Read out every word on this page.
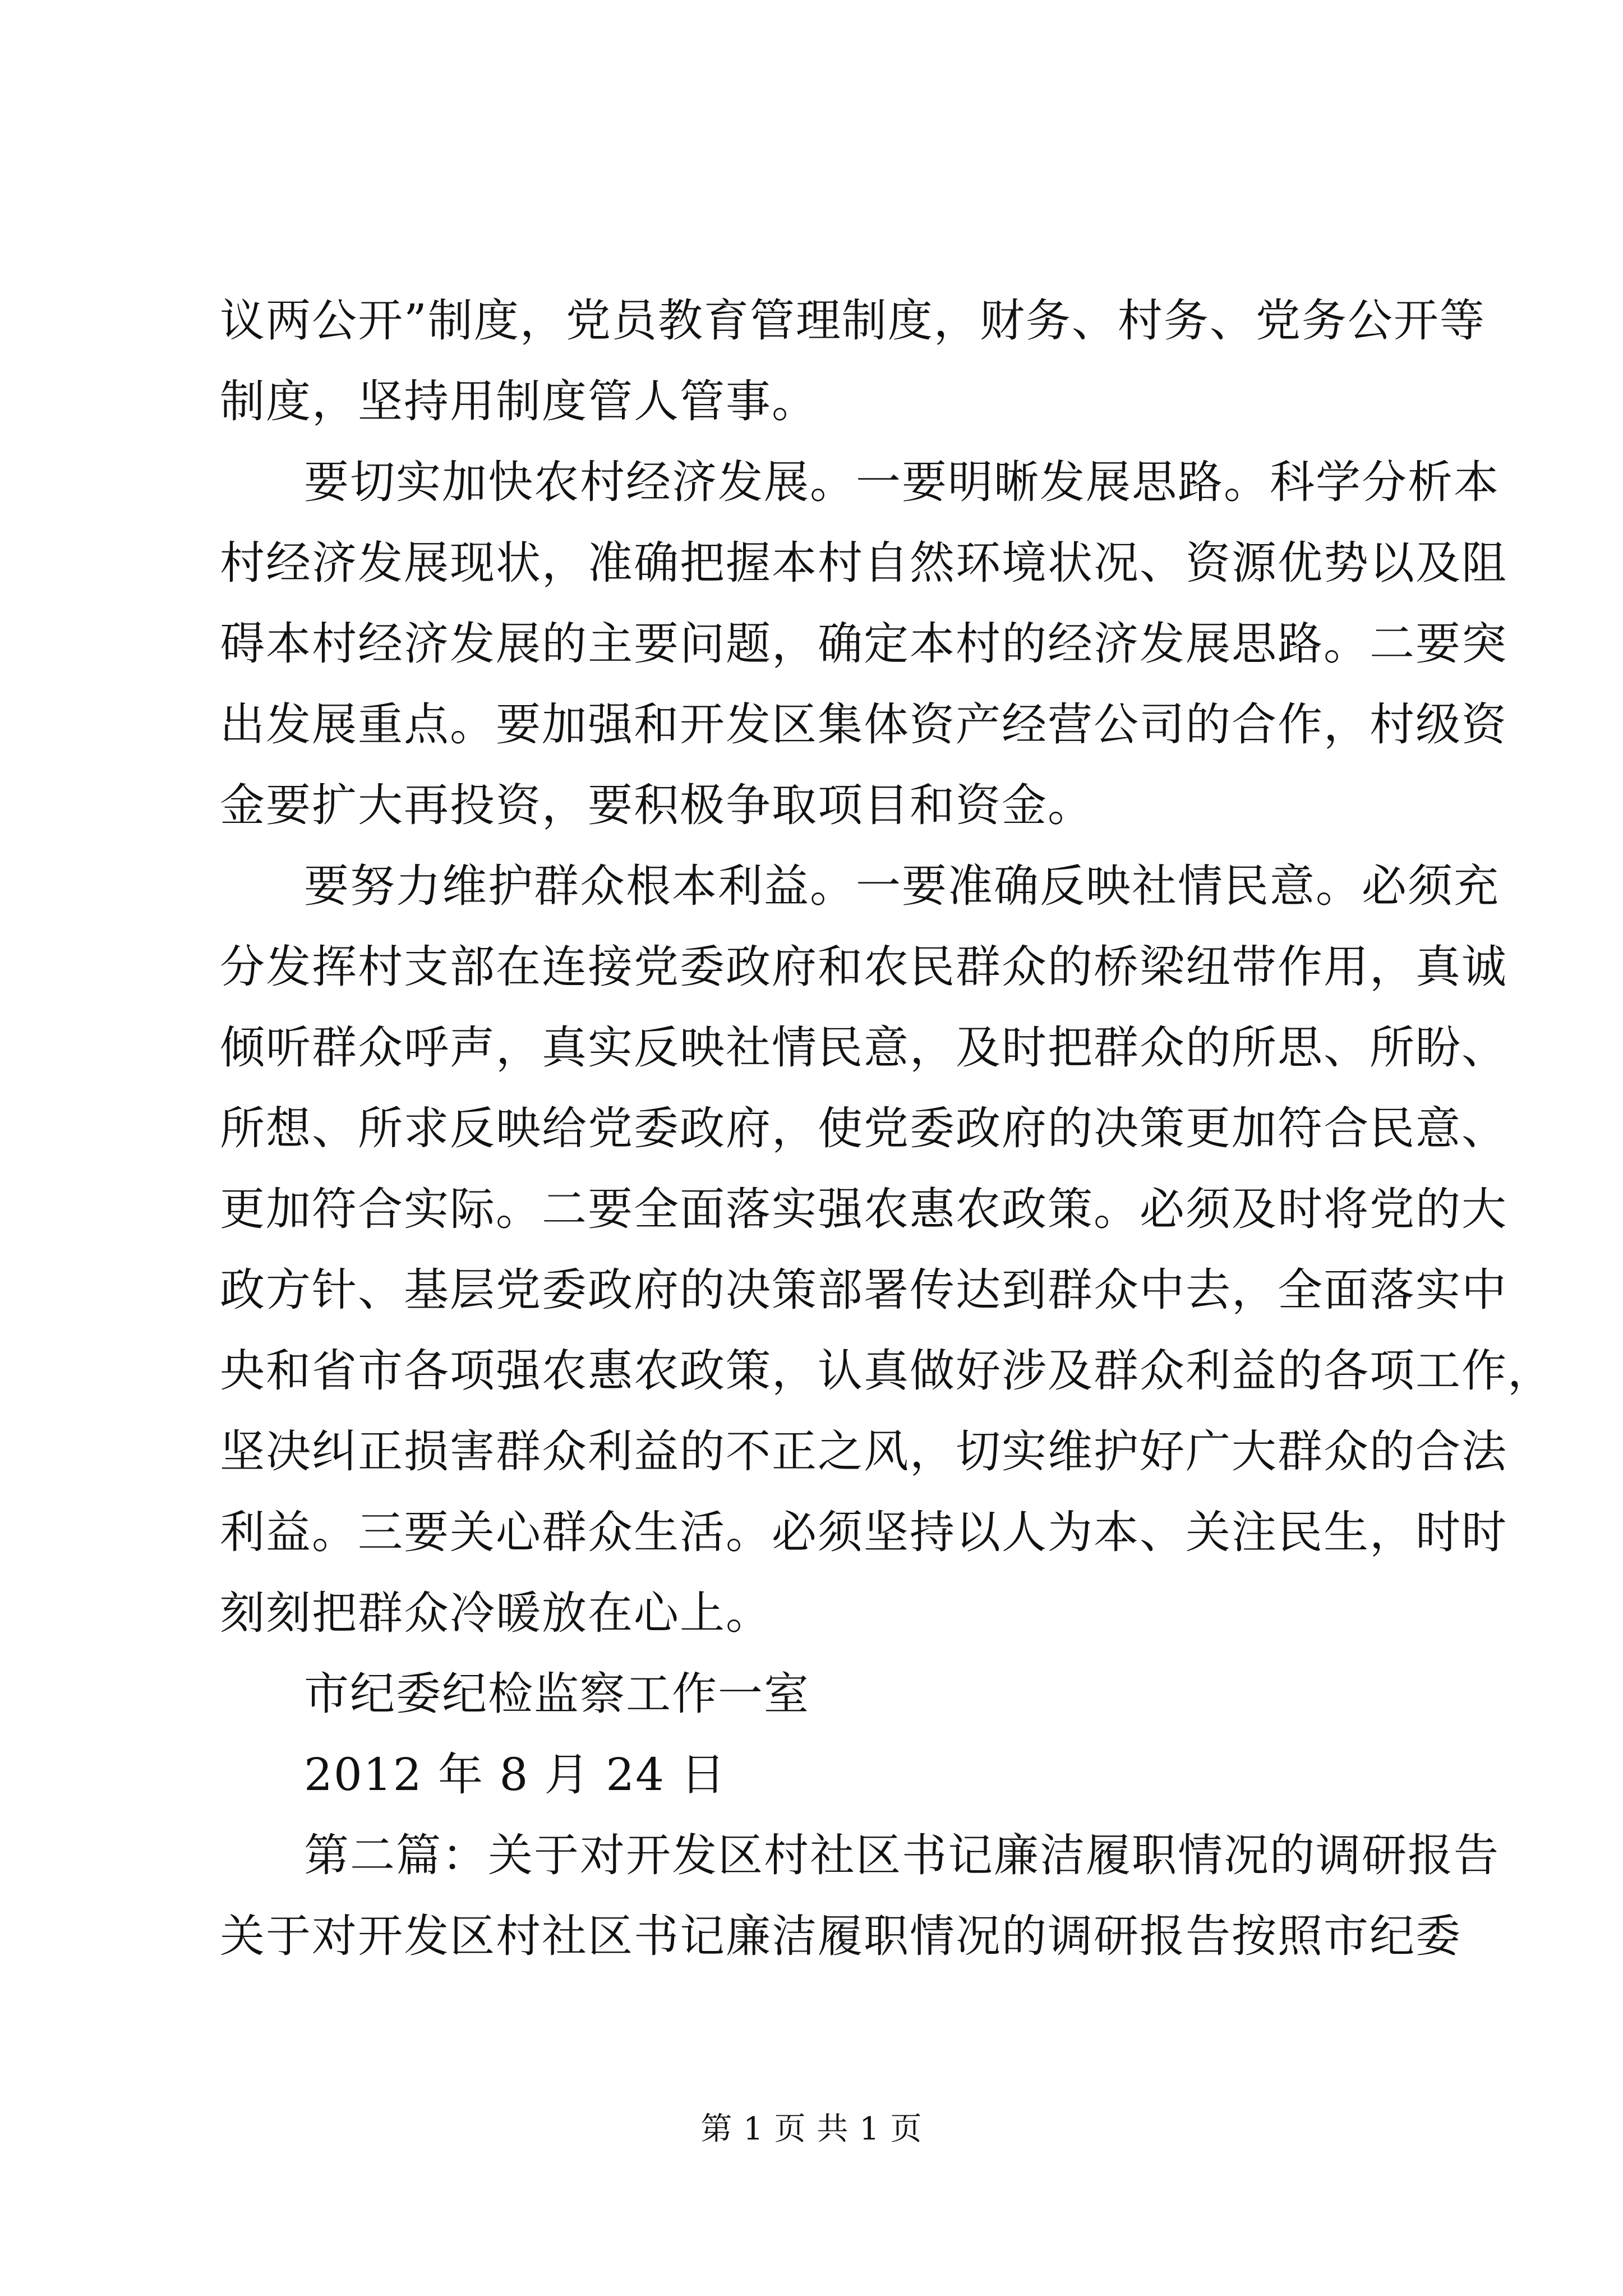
议两公开”制度，党员教育管理制度，财务、村务、党务公开等
制度，坚持用制度管人管事。
要切实加快农村经济发展。一要明晰发展思路。科学分析本
村经济发展现状，准确把握本村自然环境状况、资源优势以及阻
碍本村经济发展的主要问题，确定本村的经济发展思路。二要突
出发展重点。要加强和开发区集体资产经营公司的合作，村级资
金要扩大再投资，要积极争取项目和资金。
要努力维护群众根本利益。一要准确反映社情民意。必须充
分发挥村支部在连接党委政府和农民群众的桥梁纽带作用，真诚
倾听群众呼声，真实反映社情民意，及时把群众的所思、所盼、
所想、所求反映给党委政府，使党委政府的决策更加符合民意、
更加符合实际。二要全面落实强农惠农政策。必须及时将党的大
政方针、基层党委政府的决策部署传达到群众中去，全面落实中
央和省市各项强农惠农政策，认真做好涉及群众利益的各项工作，
坚决纠正损害群众利益的不正之风，切实维护好广大群众的合法
利益。三要关心群众生活。必须坚持以人为本、关注民生，时时
刻刻把群众冷暖放在心上。
市纪委纪检监察工作一室
2012 年 8 月 24 日
第二篇：关于对开发区村社区书记廉洁履职情况的调研报告
关于对开发区村社区书记廉洁履职情况的调研报告按照市纪委
第 1 页 共 1 页
